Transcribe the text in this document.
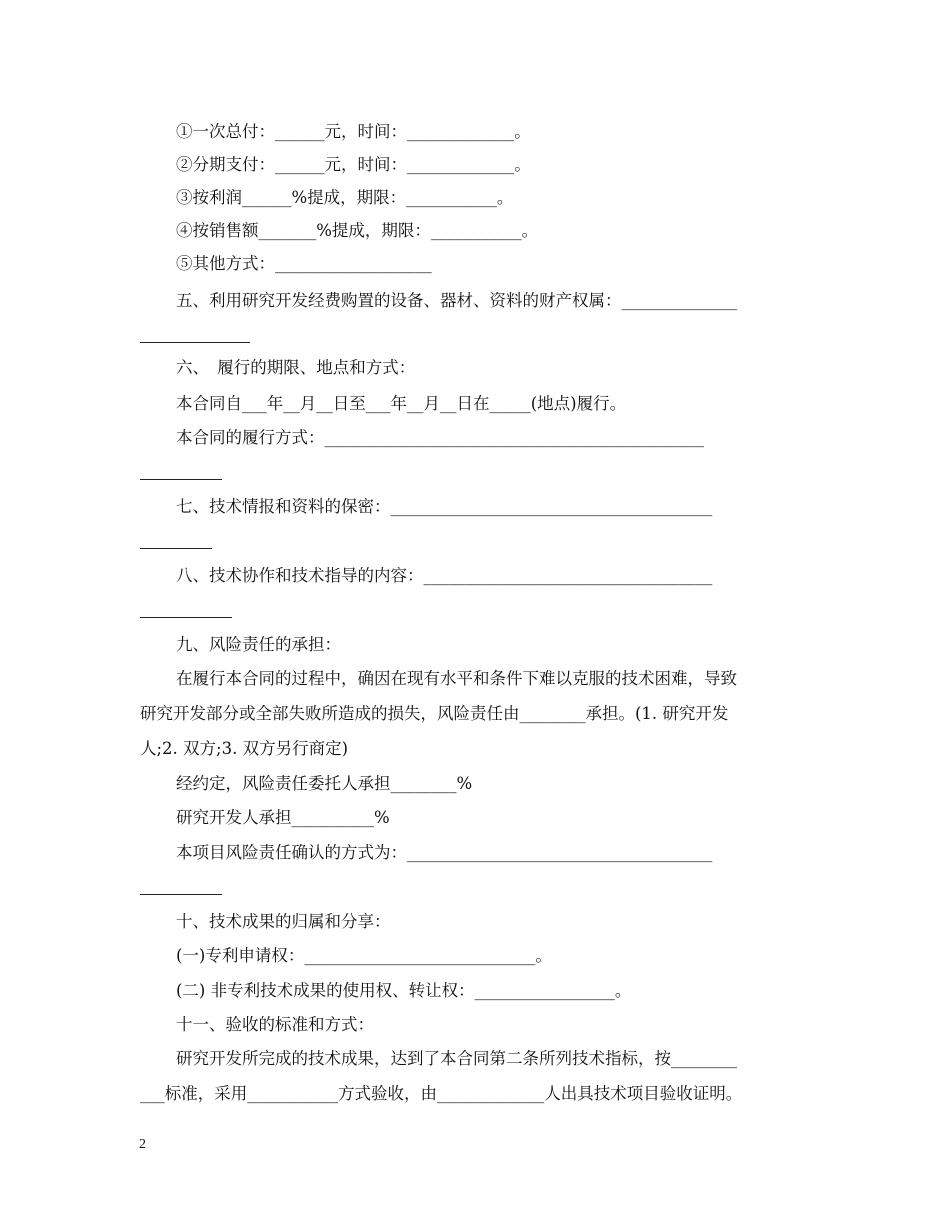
①一次总付：______元，时间：_____________。
②分期支付：______元，时间：_____________。
③按利润______%提成，期限：___________。
④按销售额_______%提成，期限：___________。
⑤其他方式：___________________
五、利用研究开发经费购置的设备、器材、资料的财产权属：______________
六、　履行的期限、地点和方式：
本合同自___年__月__日至___年__月__日在_____(地点)履行。
本合同的履行方式：______________________________________________
七、技术情报和资料的保密：_______________________________________
八、技术协作和技术指导的内容：___________________________________
九、风险责任的承担：
在履行本合同的过程中，确因在现有水平和条件下难以克服的技术困难，导致
研究开发部分或全部失败所造成的损失，风险责任由________承担。(1. 研究开发
人;2. 双方;3. 双方另行商定)
经约定，风险责任委托人承担________%
研究开发人承担__________%
本项目风险责任确认的方式为：_____________________________________
十、技术成果的归属和分享：
(一)专利申请权：____________________________。
(二) 非专利技术成果的使用权、转让权：_________________。
十一、验收的标准和方式：
研究开发所完成的技术成果，达到了本合同第二条所列技术指标，按________
___标准，采用___________方式验收，由_____________人出具技术项目验收证明。
2
